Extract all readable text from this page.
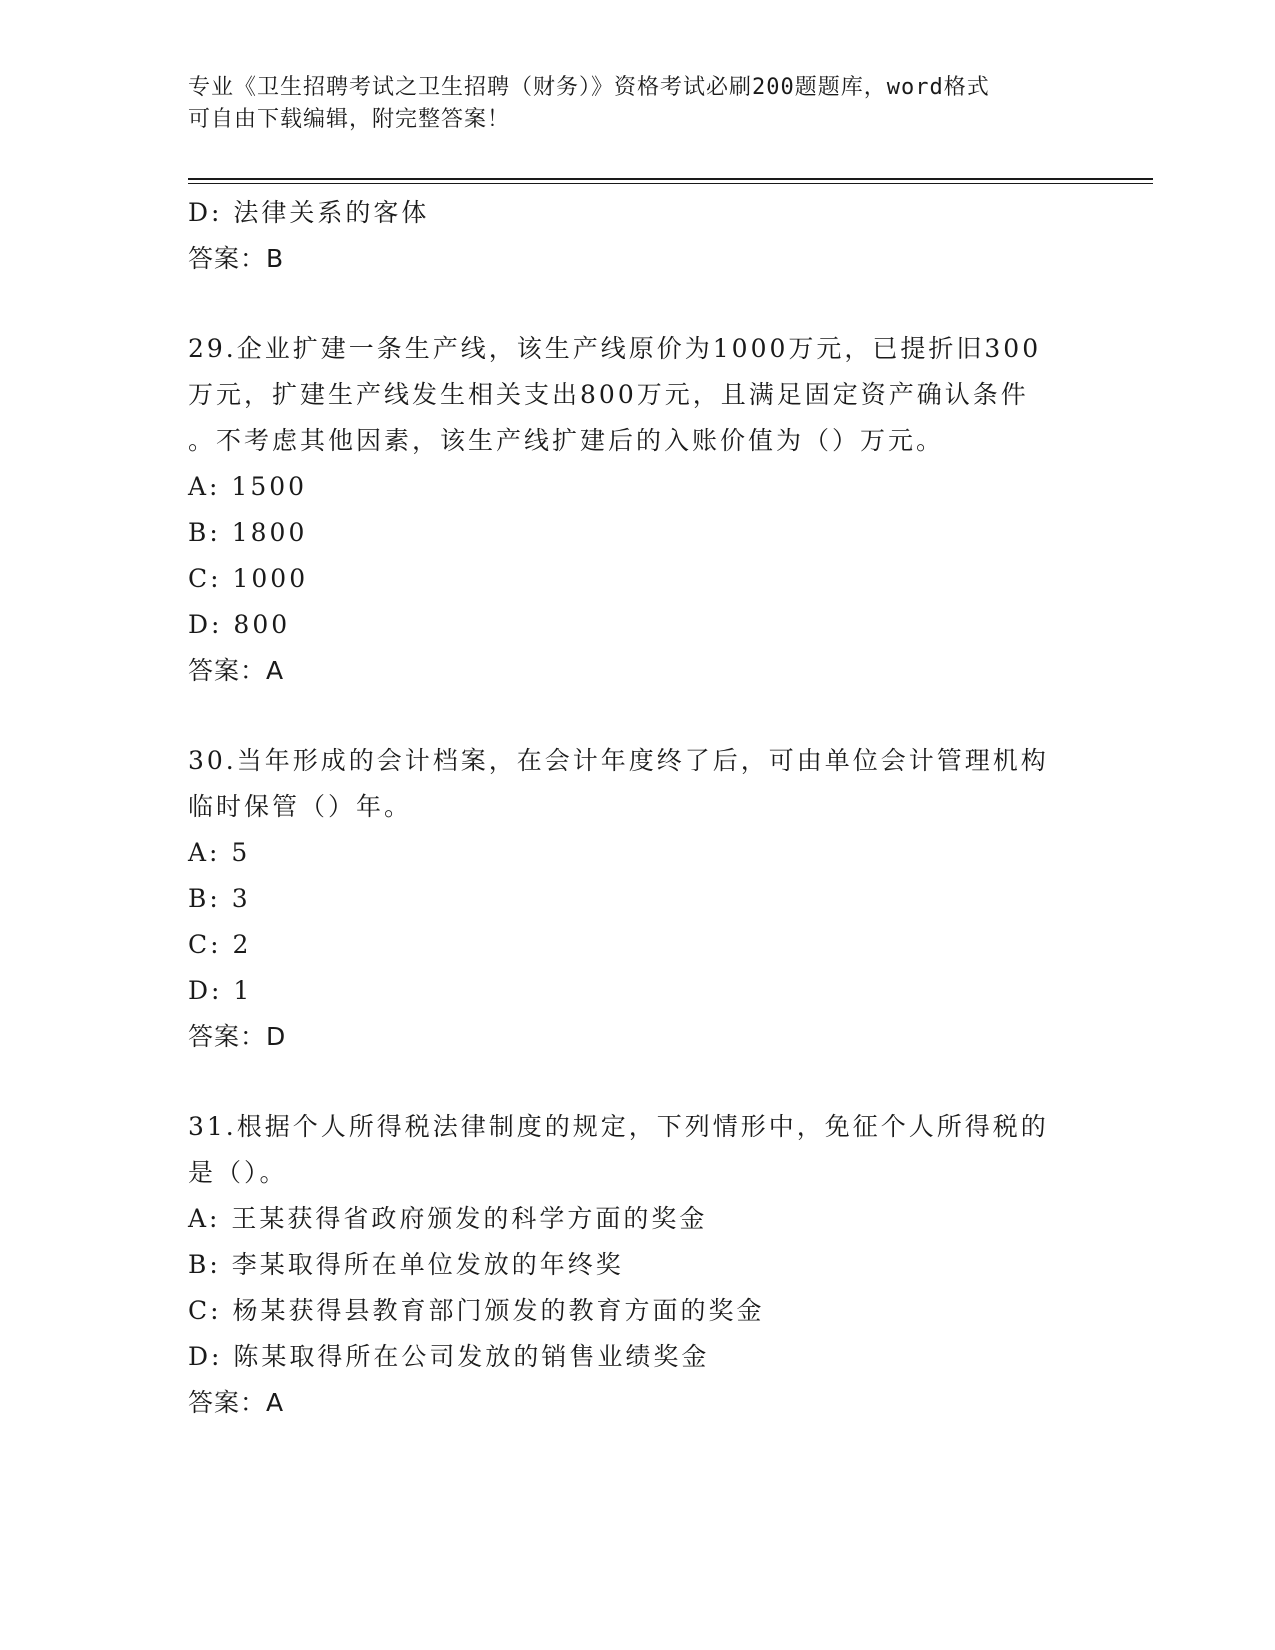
专业《卫生招聘考试之卫生招聘（财务）》资格考试必刷200题题库，word格式
可自由下载编辑，附完整答案！
D: 法律关系的客体
答案：B
29.企业扩建一条生产线，该生产线原价为1000万元，已提折旧300
万元，扩建生产线发生相关支出800万元，且满足固定资产确认条件
。不考虑其他因素，该生产线扩建后的入账价值为（）万元。
A: 1500
B: 1800
C: 1000
D: 800
答案：A
30.当年形成的会计档案，在会计年度终了后，可由单位会计管理机构
临时保管（）年。
A: 5
B: 3
C: 2
D: 1
答案：D
31.根据个人所得税法律制度的规定，下列情形中，免征个人所得税的
是（）。
A: 王某获得省政府颁发的科学方面的奖金
B: 李某取得所在单位发放的年终奖
C: 杨某获得县教育部门颁发的教育方面的奖金
D: 陈某取得所在公司发放的销售业绩奖金
答案：A
